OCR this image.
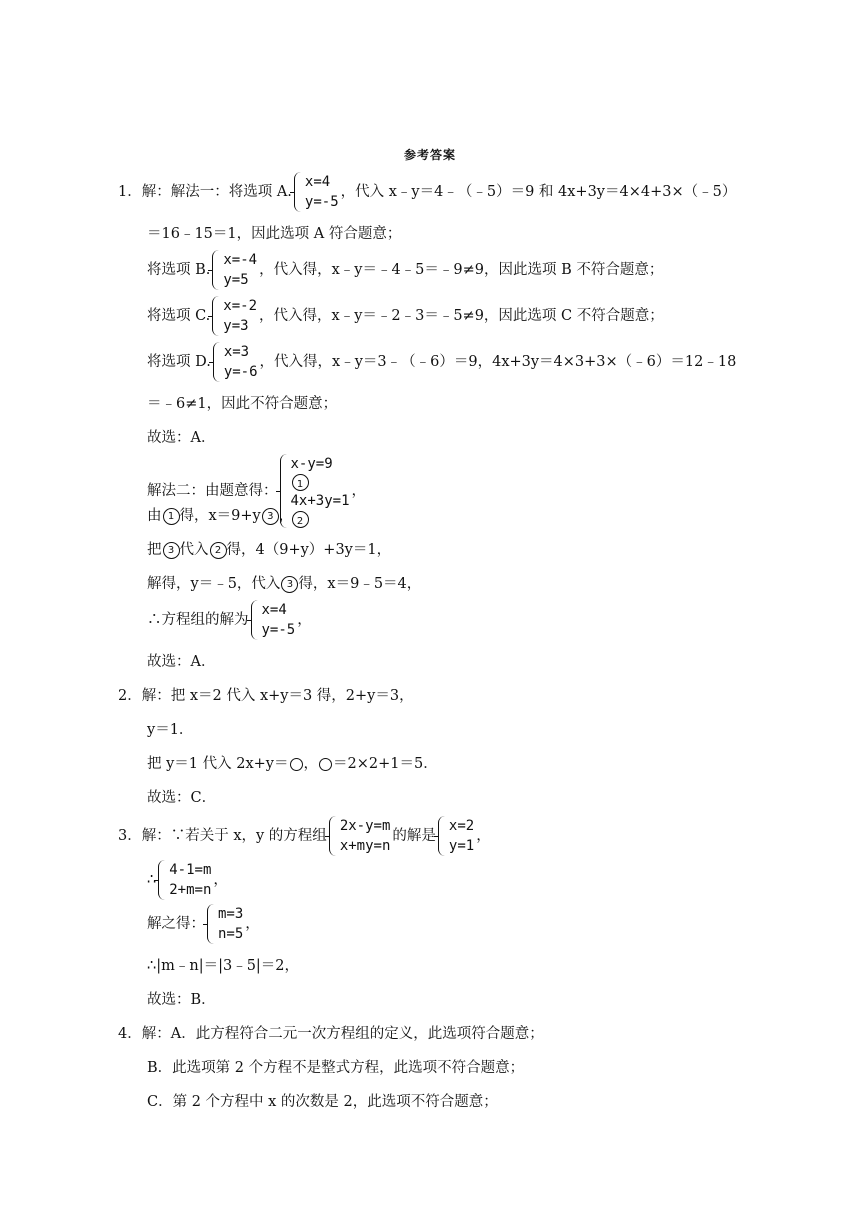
参考答案
1．解：解法一：将选项 A.
x=4
y=-5
，代入 x﹣y＝4﹣（﹣5）＝9 和 4x+3y＝4×4+3×（﹣5）
＝16﹣15＝1，因此选项 A 符合题意；
将选项 B.
x=-4
y=5
，代入得，x﹣y＝﹣4﹣5＝﹣9≠9，因此选项 B 不符合题意；
将选项 C.
x=-2
y=3
，代入得，x﹣y＝﹣2﹣3＝﹣5≠9，因此选项 C 不符合题意；
将选项 D.
x=3
y=-6
，代入得，x﹣y＝3﹣（﹣6）＝9，4x+3y＝4×3+3×（﹣6）＝12﹣18
＝﹣6≠1，因此不符合题意；
故选：A．
解法二：由题意得：
x-y=9
1
4x+3y=1
2
，
由 1 得，x＝9+y 3 ，
把 3 代入 2 得，4（9+y）+3y＝1，
解得，y＝﹣5，代入 3 得，x＝9﹣5＝4，
∴方程组的解为
x=4
y=-5
，
故选：A．
2．解：把 x＝2 代入 x+y＝3 得，2+y＝3，
y＝1．
把 y＝1 代入 2x+y＝ ， ＝2×2+1＝5．
故选：C．
3．解：∵若关于 x，y 的方程组
2x-y=m
x+my=n
的解是
x=2
y=1
，
∴
4-1=m
2+m=n
，
解之得：
m=3
n=5
，
∴|m﹣n|＝|3﹣5|＝2，
故选：B．
4．解：A．此方程符合二元一次方程组的定义，此选项符合题意；
B．此选项第 2 个方程不是整式方程，此选项不符合题意；
C．第 2 个方程中 x 的次数是 2，此选项不符合题意；
